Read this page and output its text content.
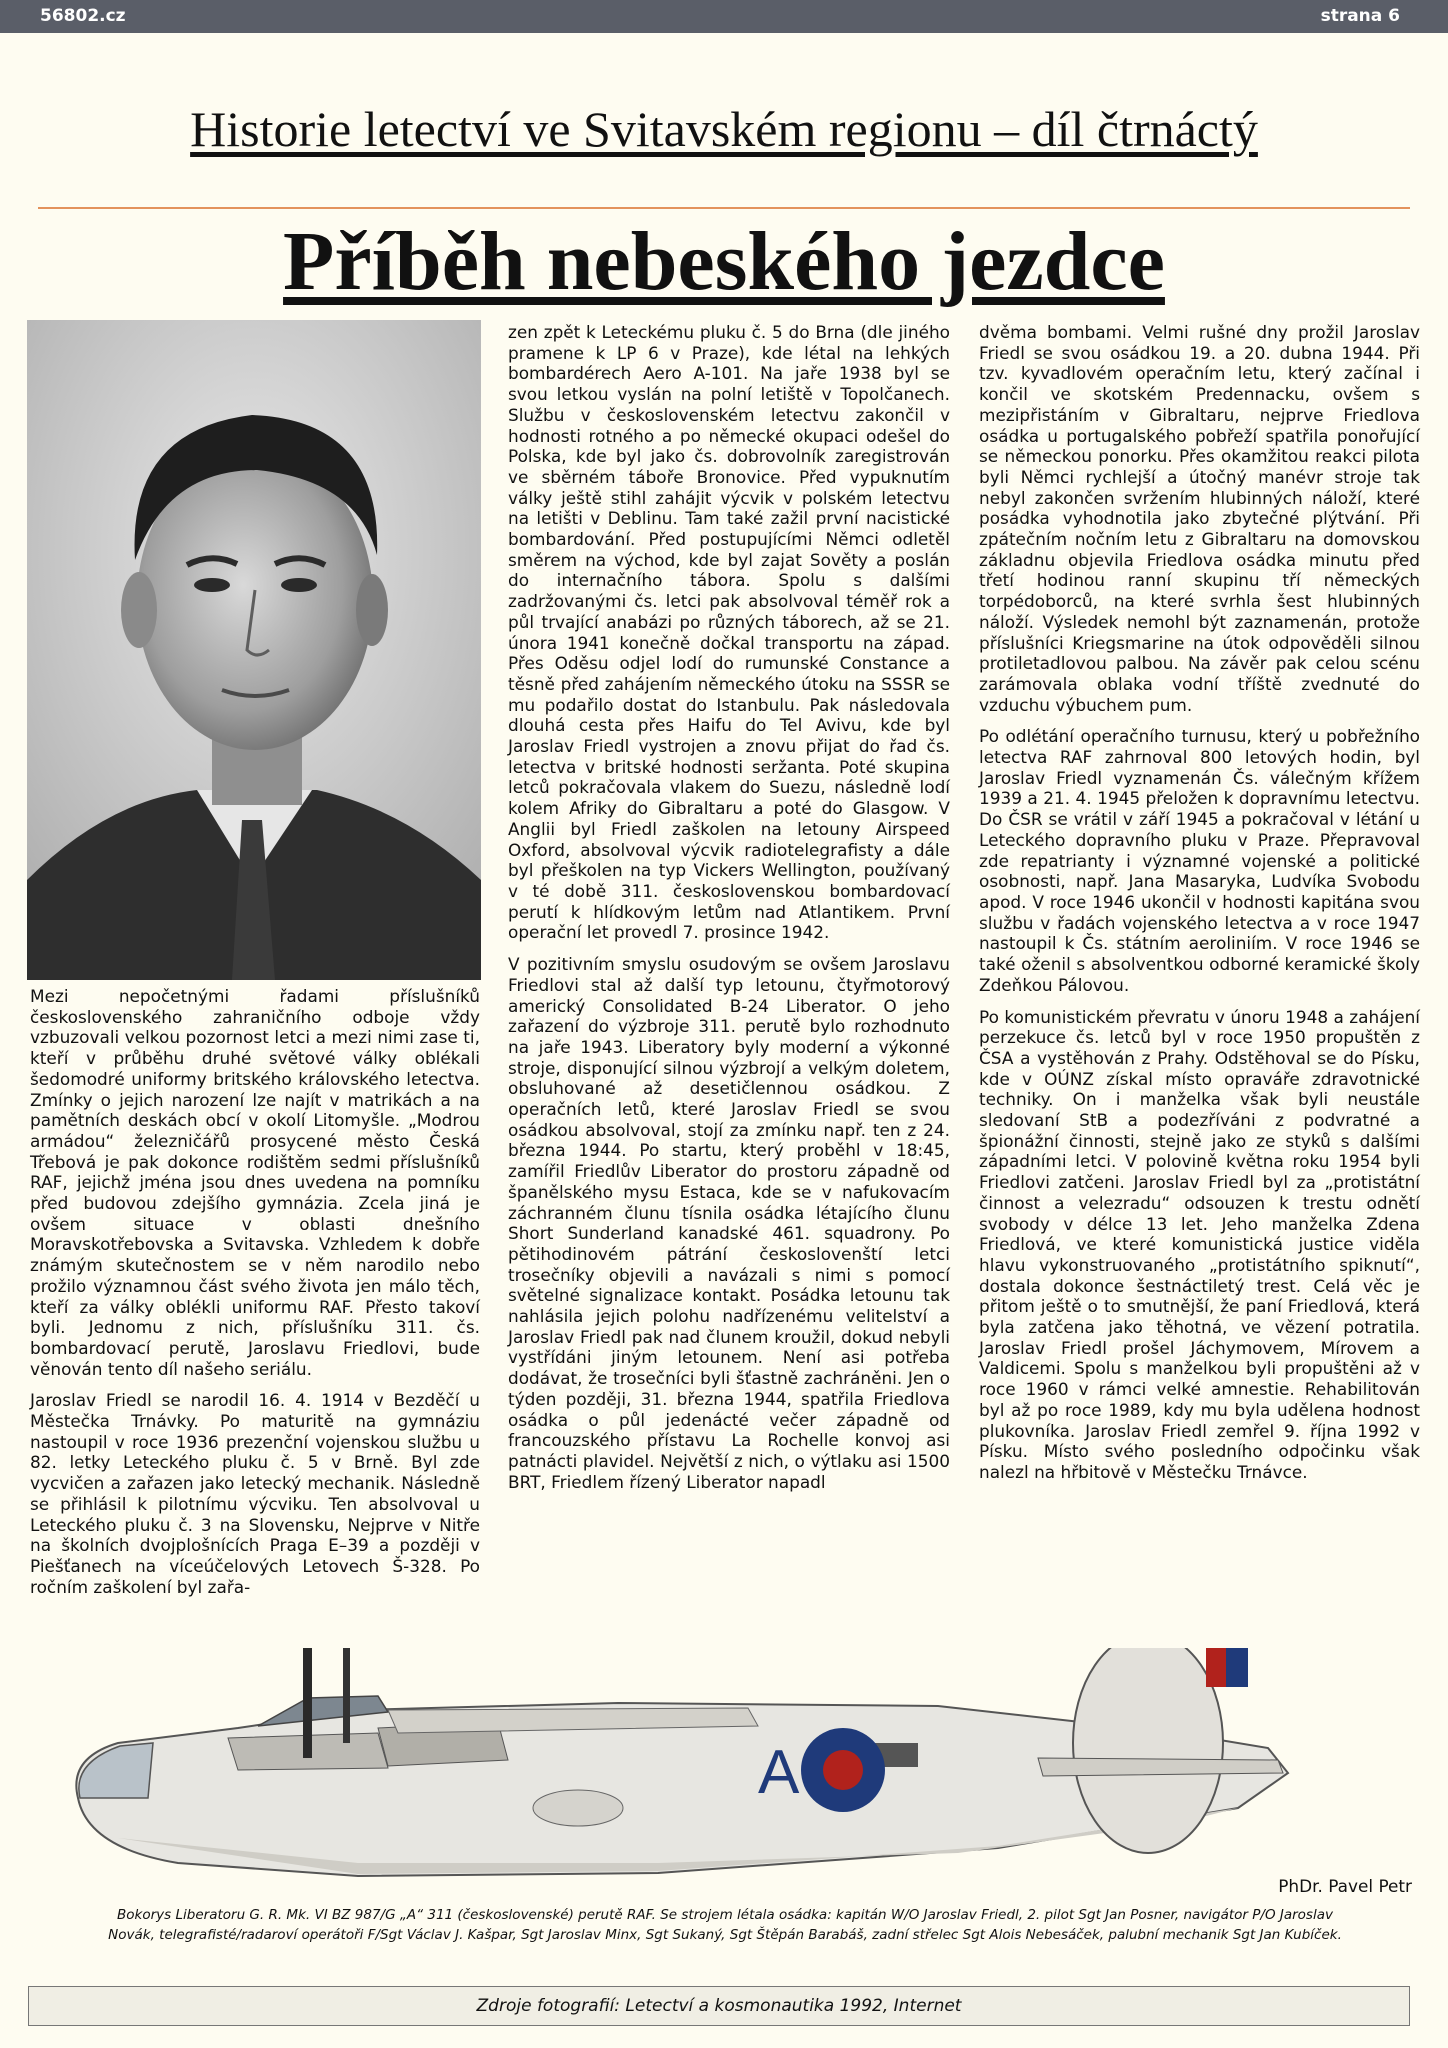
56802.cz	strana 6
Historie letectví ve Svitavském regionu – díl čtrnáctý
Příběh nebeského jezdce

Mezi nepočetnými řadami příslušníků československého zahraničního odboje vždy vzbuzovali velkou pozornost letci a mezi nimi zase ti, kteří v průběhu druhé světové války oblékali šedomodré uniformy britského královského letectva. Zmínky o jejich narození lze najít v matrikách a na pamětních deskách obcí v okolí Litomyšle. „Modrou armádou“ železničářů prosycené město Česká Třebová je pak dokonce rodištěm sedmi příslušníků RAF, jejichž jména jsou dnes uvedena na pomníku před budovou zdejšího gymnázia. Zcela jiná je ovšem situace v oblasti dnešního Moravskotřebovska a Svitavska. Vzhledem k dobře známým skutečnostem se v něm narodilo nebo prožilo významnou část svého života jen málo těch, kteří za války oblékli uniformu RAF. Přesto takoví byli. Jednomu z nich, příslušníku 311. čs. bombardovací perutě, Jaroslavu Friedlovi, bude věnován tento díl našeho seriálu.

Jaroslav Friedl se narodil 16. 4. 1914 v Bezděčí u Městečka Trnávky. Po maturitě na gymnáziu nastoupil v roce 1936 prezenční vojenskou službu u 82. letky Leteckého pluku č. 5 v Brně. Byl zde vycvičen a zařazen jako letecký mechanik. Následně se přihlásil k pilotnímu výcviku. Ten absolvoval u Leteckého pluku č. 3 na Slovensku, Nejprve v Nitře na školních dvojplošnících Praga E–39 a později v Piešťanech na víceúčelových Letovech Š-328. Po ročním zaškolení byl zařa-

zen zpět k Leteckému pluku č. 5 do Brna (dle jiného pramene k LP 6 v Praze), kde létal na lehkých bombardérech Aero A-101. Na jaře 1938 byl se svou letkou vyslán na polní letiště v Topolčanech. Službu v československém letectvu zakončil v hodnosti rotného a po německé okupaci odešel do Polska, kde byl jako čs. dobrovolník zaregistrován ve sběrném táboře Bronovice. Před vypuknutím války ještě stihl zahájit výcvik v polském letectvu na letišti v Deblinu. Tam také zažil první nacistické bombardování. Před postupujícími Němci odletěl směrem na východ, kde byl zajat Sověty a poslán do internačního tábora. Spolu s dalšími zadržovanými čs. letci pak absolvoval téměř rok a půl trvající anabázi po různých táborech, až se 21. února 1941 konečně dočkal transportu na západ. Přes Oděsu odjel lodí do rumunské Constance a těsně před zahájením německého útoku na SSSR se mu podařilo dostat do Istanbulu. Pak následovala dlouhá cesta přes Haifu do Tel Avivu, kde byl Jaroslav Friedl vystrojen a znovu přijat do řad čs. letectva v britské hodnosti seržanta. Poté skupina letců pokračovala vlakem do Suezu, následně lodí kolem Afriky do Gibraltaru a poté do Glasgow. V Anglii byl Friedl zaškolen na letouny Airspeed Oxford, absolvoval výcvik radiotelegrafisty a dále byl přeškolen na typ Vickers Wellington, používaný v té době 311. československou bombardovací perutí k hlídkovým letům nad Atlantikem. První operační let provedl 7. prosince 1942.

V pozitivním smyslu osudovým se ovšem Jaroslavu Friedlovi stal až další typ letounu, čtyřmotorový americký Consolidated B-24 Liberator. O jeho zařazení do výzbroje 311. perutě bylo rozhodnuto na jaře 1943. Liberatory byly moderní a výkonné stroje, disponující silnou výzbrojí a velkým doletem, obsluhované až desetičlennou osádkou. Z operačních letů, které Jaroslav Friedl se svou osádkou absolvoval, stojí za zmínku např. ten z 24. března 1944. Po startu, který proběhl v 18:45, zamířil Friedlův Liberator do prostoru západně od španělského mysu Estaca, kde se v nafukovacím záchranném člunu tísnila osádka létajícího člunu Short Sunderland kanadské 461. squadrony. Po pětihodinovém pátrání českoslovenští letci trosečníky objevili a navázali s nimi s pomocí světelné signalizace kontakt. Posádka letounu tak nahlásila jejich polohu nadřízenému velitelství a Jaroslav Friedl pak nad člunem kroužil, dokud nebyli vystřídáni jiným letounem. Není asi potřeba dodávat, že trosečníci byli šťastně zachráněni. Jen o týden později, 31. března 1944, spatřila Friedlova osádka o půl jedenácté večer západně od francouzského přístavu La Rochelle konvoj asi patnácti plavidel. Největší z nich, o výtlaku asi 1500 BRT, Friedlem řízený Liberator napadl

dvěma bombami. Velmi rušné dny prožil Jaroslav Friedl se svou osádkou 19. a 20. dubna 1944. Při tzv. kyvadlovém operačním letu, který začínal i končil ve skotském Predennacku, ovšem s mezipřistáním v Gibraltaru, nejprve Friedlova osádka u portugalského pobřeží spatřila ponořující se německou ponorku. Přes okamžitou reakci pilota byli Němci rychlejší a útočný manévr stroje tak nebyl zakončen svržením hlubinných náloží, které posádka vyhodnotila jako zbytečné plýtvání. Při zpátečním nočním letu z Gibraltaru na domovskou základnu objevila Friedlova osádka minutu před třetí hodinou ranní skupinu tří německých torpédoborců, na které svrhla šest hlubinných náloží. Výsledek nemohl být zaznamenán, protože příslušníci Kriegsmarine na útok odpověděli silnou protiletadlovou palbou. Na závěr pak celou scénu zarámovala oblaka vodní tříště zvednuté do vzduchu výbuchem pum.

Po odlétání operačního turnusu, který u pobřežního letectva RAF zahrnoval 800 letových hodin, byl Jaroslav Friedl vyznamenán Čs. válečným křížem 1939 a 21. 4. 1945 přeložen k dopravnímu letectvu. Do ČSR se vrátil v září 1945 a pokračoval v létání u Leteckého dopravního pluku v Praze. Přepravoval zde repatrianty i významné vojenské a politické osobnosti, např. Jana Masaryka, Ludvíka Svobodu apod. V roce 1946 ukončil v hodnosti kapitána svou službu v řadách vojenského letectva a v roce 1947 nastoupil k Čs. státním aeroliniím. V roce 1946 se také oženil s absolventkou odborné keramické školy Zdeňkou Pálovou.

Po komunistickém převratu v únoru 1948 a zahájení perzekuce čs. letců byl v roce 1950 propuštěn z ČSA a vystěhován z Prahy. Odstěhoval se do Písku, kde v OÚNZ získal místo opraváře zdravotnické techniky. On i manželka však byli neustále sledovaní StB a podezříváni z podvratné a špionážní činnosti, stejně jako ze styků s dalšími západními letci. V polovině května roku 1954 byli Friedlovi zatčeni. Jaroslav Friedl byl za „protistátní činnost a velezradu“ odsouzen k trestu odnětí svobody v délce 13 let. Jeho manželka Zdena Friedlová, ve které komunistická justice viděla hlavu vykonstruovaného „protistátního spiknutí“, dostala dokonce šestnáctiletý trest. Celá věc je přitom ještě o to smutnější, že paní Friedlová, která byla zatčena jako těhotná, ve vězení potratila. Jaroslav Friedl prošel Jáchymovem, Mírovem a Valdicemi. Spolu s manželkou byli propuštěni až v roce 1960 v rámci velké amnestie. Rehabilitován byl až po roce 1989, kdy mu byla udělena hodnost plukovníka. Jaroslav Friedl zemřel 9. října 1992 v Písku. Místo svého posledního odpočinku však nalezl na hřbitově v Městečku Trnávce.

A
PhDr. Pavel Petr
Bokorys Liberatoru G. R. Mk. VI BZ 987/G „A“ 311 (československé) perutě RAF. Se strojem létala osádka: kapitán W/O Jaroslav Friedl, 2. pilot Sgt Jan Posner, navigátor P/O Jaroslav
Novák, telegrafisté/radaroví operátoři F/Sgt Václav J. Kašpar, Sgt Jaroslav Minx, Sgt Sukaný, Sgt Štěpán Barabáš, zadní střelec Sgt Alois Nebesáček, palubní mechanik Sgt Jan Kubíček.
Zdroje fotografií: Letectví a kosmonautika 1992, Internet
